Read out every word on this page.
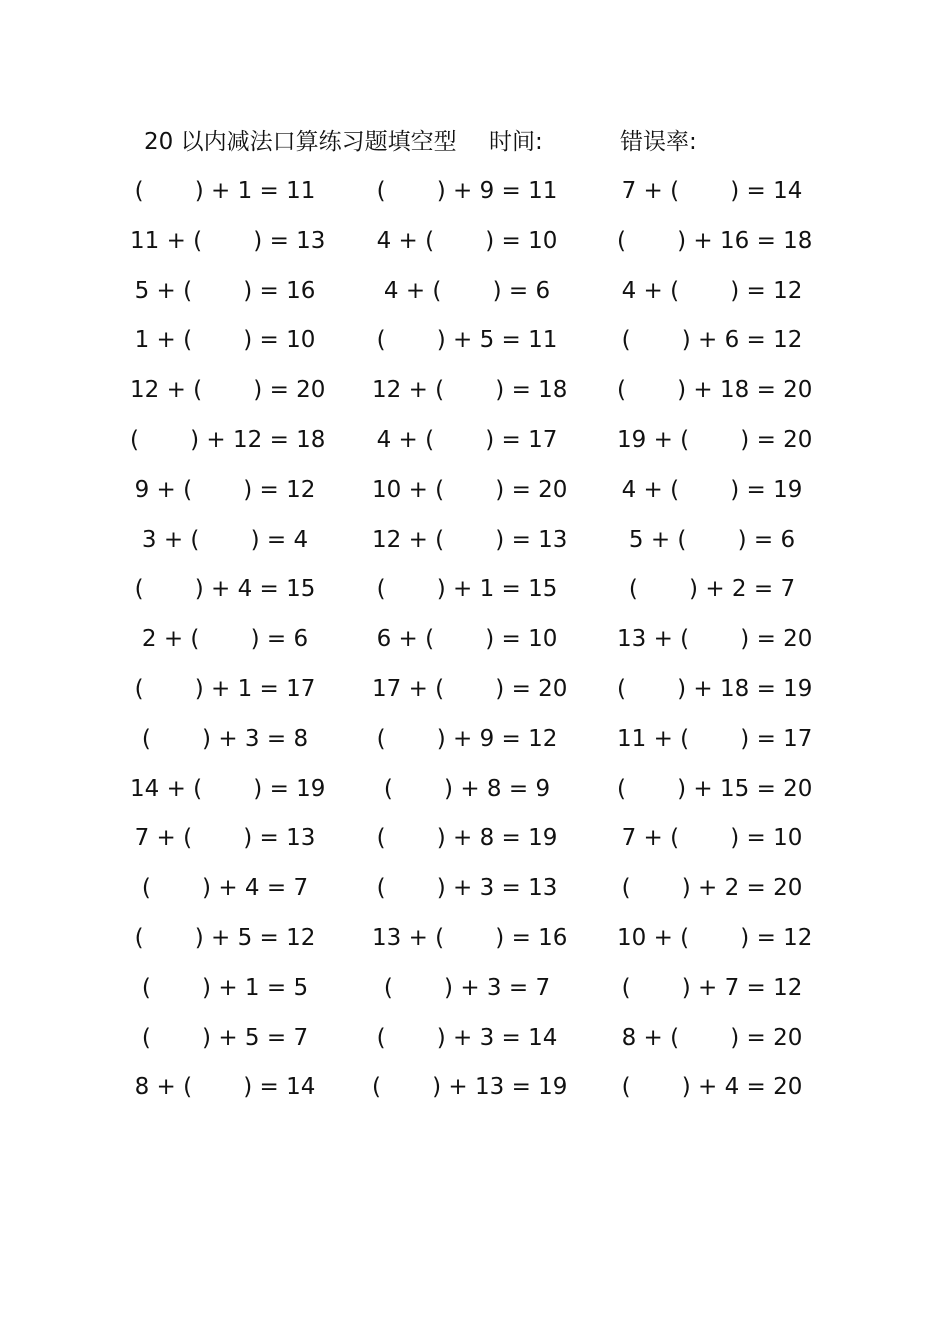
20 以内减法口算练习题填空型 时间:	错误率:
(       ) + 1 = 11	(       ) + 9 = 11	7 + (       ) = 14
11 + (       ) = 13 4 + (       ) = 10	(       ) + 16 = 18
5 + (       ) = 16	4 + (       ) = 6	4 + (       ) = 12
1 + (       ) = 10	(       ) + 5 = 11	(       ) + 6 = 12
12 + (       ) = 20 12 + (       ) = 18 (       ) + 18 = 20
(       ) + 12 = 18 4 + (       ) = 17	19 + (       ) = 20
9 + (       ) = 12 10 + (       ) = 20 4 + (       ) = 19
3 + (       ) = 4	12 + (       ) = 13	5 + (       ) = 6
(       ) + 4 = 15	(       ) + 1 = 15	(       ) + 2 = 7
2 + (       ) = 6	6 + (       ) = 10	13 + (       ) = 20
(       ) + 1 = 17 17 + (       ) = 20 (       ) + 18 = 19
(       ) + 3 = 8	(       ) + 9 = 12	11 + (       ) = 17
14 + (       ) = 19	(       ) + 8 = 9	(       ) + 15 = 20
7 + (       ) = 13	(       ) + 8 = 19	7 + (       ) = 10
(       ) + 4 = 7	(       ) + 3 = 13	(       ) + 2 = 20
(       ) + 5 = 12 13 + (       ) = 16 10 + (       ) = 12
(       ) + 1 = 5	(       ) + 3 = 7	(       ) + 7 = 12
(       ) + 5 = 7	(       ) + 3 = 14	8 + (       ) = 20
8 + (       ) = 14 (       ) + 13 = 19 (       ) + 4 = 20
